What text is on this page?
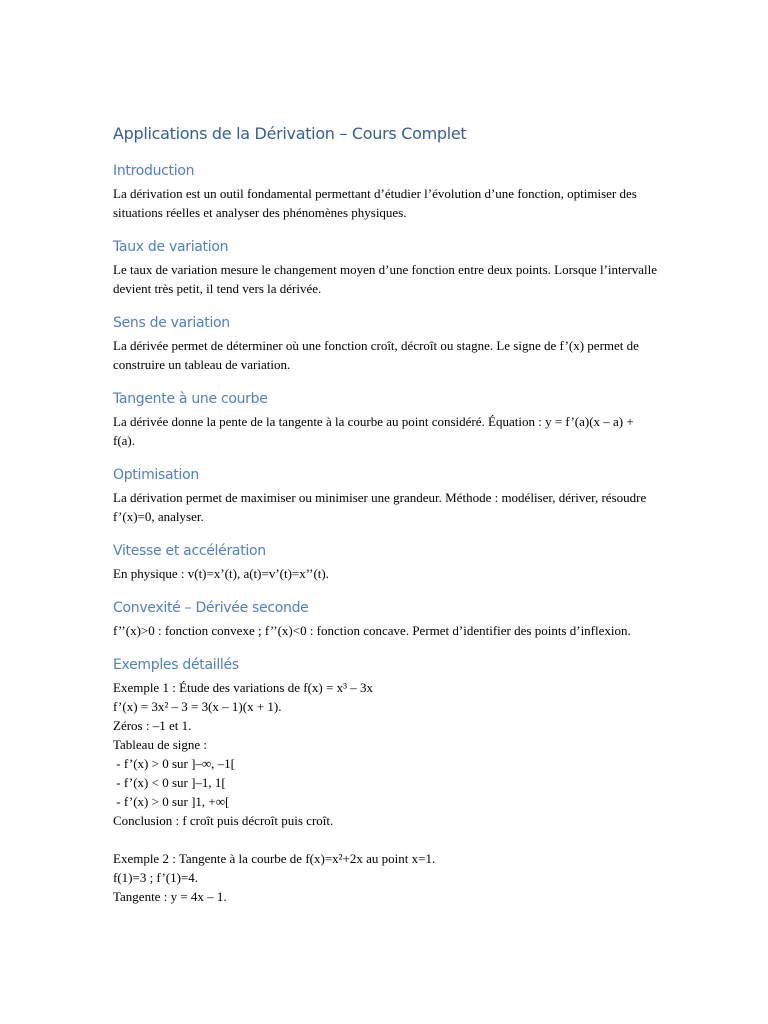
Applications de la Dérivation – Cours Complet
Introduction

La dérivation est un outil fondamental permettant d’étudier l’évolution d’une fonction, optimiser des situations réelles et analyser des phénomènes physiques.

Taux de variation

Le taux de variation mesure le changement moyen d’une fonction entre deux points. Lorsque l’intervalle devient très petit, il tend vers la dérivée.

Sens de variation

La dérivée permet de déterminer où une fonction croît, décroît ou stagne. Le signe de f’(x) permet de construire un tableau de variation.

Tangente à une courbe

La dérivée donne la pente de la tangente à la courbe au point considéré. Équation : y = f’(a)(x – a) + f(a).

Optimisation

La dérivation permet de maximiser ou minimiser une grandeur. Méthode : modéliser, dériver, résoudre f’(x)=0, analyser.

Vitesse et accélération

En physique : v(t)=x’(t), a(t)=v’(t)=x’’(t).

Convexité – Dérivée seconde

f’’(x)>0 : fonction convexe ; f’’(x)<0 : fonction concave. Permet d’identifier des points d’inflexion.

Exemples détaillés
Exemple 1 : Étude des variations de f(x) = x³ – 3x
f’(x) = 3x² – 3 = 3(x – 1)(x + 1).
Zéros : –1 et 1.
Tableau de signe :
- f’(x) > 0 sur ]–∞, –1[
- f’(x) < 0 sur ]–1, 1[
- f’(x) > 0 sur ]1, +∞[
Conclusion : f croît puis décroît puis croît.
Exemple 2 : Tangente à la courbe de f(x)=x²+2x au point x=1.
f(1)=3 ; f’(1)=4.
Tangente : y = 4x – 1.
